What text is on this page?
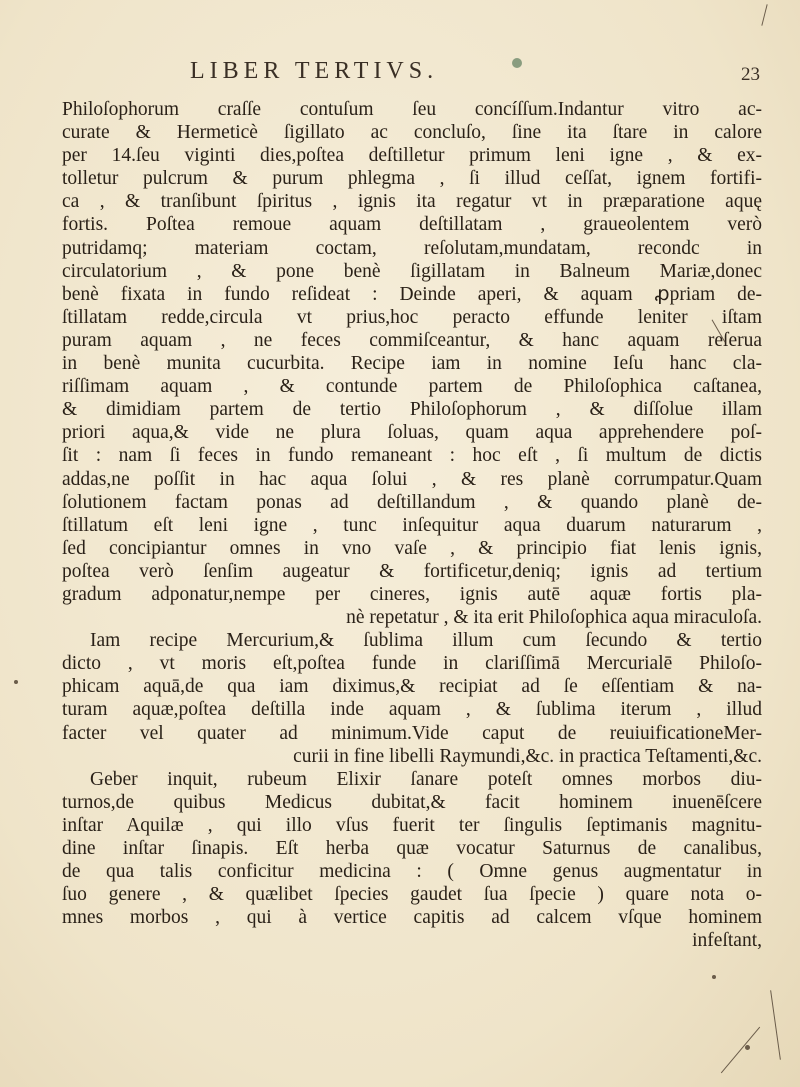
LIBER TERTIVS.	23
Philoſophorum craſſe contuſum ſeu concíſſum.Indantur vitro ac-
curate & Hermeticè ſigillato ac concluſo, ſine ita ſtare in calore
per 14.ſeu viginti dies,poſtea deſtilletur primum leni igne , & ex-
tolletur pulcrum & purum phlegma , ſi illud ceſſat, ignem fortifi-
ca , & tranſibunt ſpiritus , ignis ita regatur vt in præparatione aquę
fortis. Poſtea remoue aquam deſtillatam , graueolentem verò
putridamq; materiam coctam, reſolutam,mundatam, recondc in
circulatorium , & pone benè ſigillatam in Balneum Mariæ,donec
benè fixata in fundo reſideat : Deinde aperi, & aquam ꝓpriam de-
ſtillatam redde,circula vt prius,hoc peracto effunde leniter iſtam
puram aquam , ne feces commiſceantur, & hanc aquam reſerua
in benè munita cucurbita. Recipe iam in nomine Ieſu hanc cla-
riſſimam aquam , & contunde partem de Philoſophica caſtanea,
& dimidiam partem de tertio Philoſophorum , & diſſolue illam
priori aqua,& vide ne plura ſoluas, quam aqua apprehendere poſ-
ſit : nam ſi feces in fundo remaneant : hoc eſt , ſi multum de dictis
addas,ne poſſit in hac aqua ſolui , & res planè corrumpatur.Quam
ſolutionem factam ponas ad deſtillandum , & quando planè de-
ſtillatum eſt leni igne , tunc inſequitur aqua duarum naturarum ,
ſed concipiantur omnes in vno vaſe , & principio fiat lenis ignis,
poſtea verò ſenſim augeatur & fortificetur,deniq; ignis ad tertium
gradum adponatur,nempe per cineres, ignis autē aquæ fortis pla-
nè repetatur , & ita erit Philoſophica aqua miraculoſa.
Iam recipe Mercurium,& ſublima illum cum ſecundo & tertio
dicto , vt moris eſt,poſtea funde in clariſſimā Mercurialē Philoſo-
phicam aquā,de qua iam diximus,& recipiat ad ſe eſſentiam & na-
turam aquæ,poſtea deſtilla inde aquam , & ſublima iterum , illud
facter vel quater ad minimum.Vide caput de reuiuificationeMer-
curii in fine libelli Raymundi,&c. in practica Teſtamenti,&c.
Geber inquit, rubeum Elixir ſanare poteſt omnes morbos diu-
turnos,de quibus Medicus dubitat,& facit hominem inuenēſcere
inſtar Aquilæ , qui illo vſus fuerit ter ſingulis ſeptimanis magnitu-
dine inſtar ſinapis. Eſt herba quæ vocatur Saturnus de canalibus,
de qua talis conficitur medicina : ( Omne genus augmentatur in
ſuo genere , & quælibet ſpecies gaudet ſua ſpecie ) quare nota o-
mnes morbos , qui à vertice capitis ad calcem vſque hominem
infeſtant,
